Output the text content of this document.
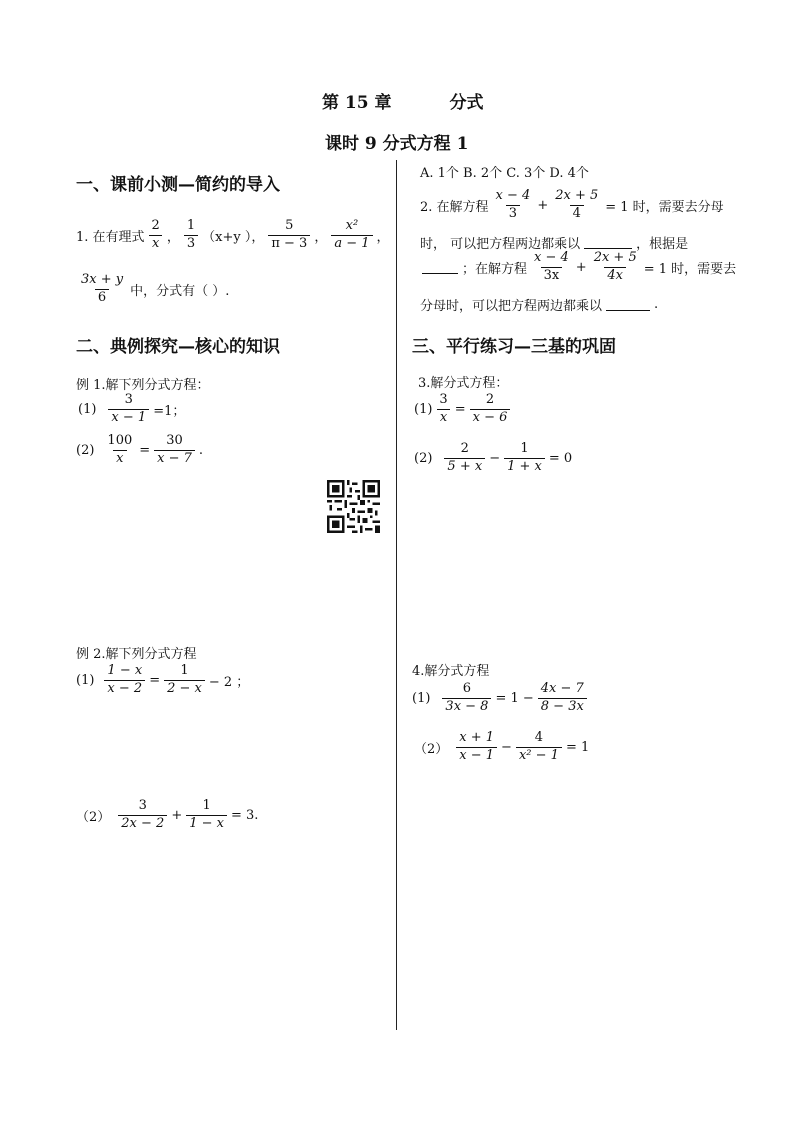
第 15 章	分式
课时 9 分式方程 1
一、课前小测—简约的导入
1. 在有理式 $\frac{2}{x}$ ， $\frac{1}{3} (x+y$ ）， $\frac{5}{\pi - 3}$ ， $\frac{\text{x²}}{a - 1}$ ，
$\frac{3x + y}{6}$ 中，分式有（ ）.
二、典例探究—核心的知识
例 1.解下列分式方程：
$(1) \frac{3}{x - 1} =1$；
$(2) \frac{100}{x} = \frac{30}{x - 7}$ .
例 2.解下列分式方程
$(1) \frac{1 - x}{x - 2} = \frac{1}{2 - x} - 2$ ；
$(2) \frac{3}{2x - 2} + \frac{1}{1 - x} = 3$.
A. 1个 B. 2个 C. 3个 D. 4个
2. 在解方程 $\frac{x - 4}{3} + \frac{2x + 5}{4} = 1$ 时，需要去分母
时， 可以把方程两边都乘以	，根据是
；在解方程 $\frac{x - 4}{3x} + \frac{2x + 5}{4x} = 1$ 时，需要去
分母时，可以把方程两边都乘以	.
三、平行练习—三基的巩固
3.解分式方程：
$(1) \frac{3}{x} = \frac{2}{x - 6}$
$(2) \frac{2}{5 + x} - \frac{1}{1 + x} = 0$
4.解分式方程
$(1) \frac{6}{3x - 8} = 1 - \frac{4x - 7}{8 - 3x}$
$(2) \frac{x + 1}{x - 1} - \frac{4}{\text{x² − 1}} = 1$
